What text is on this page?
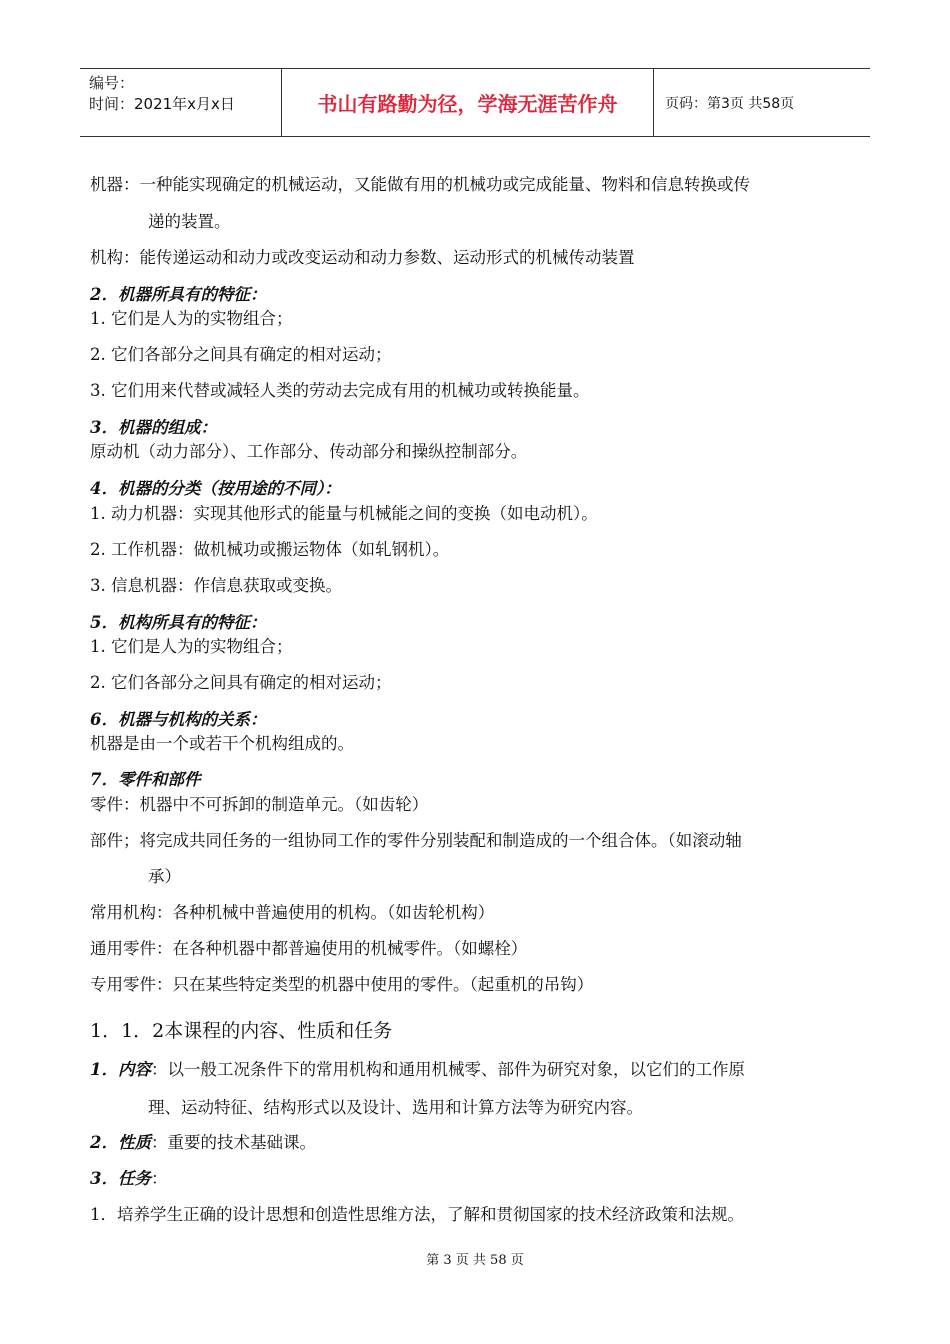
编号：
时间：2021年x月x日	书山有路勤为径，学海无涯苦作舟	页码：第3页 共58页
机器：一种能实现确定的机械运动，又能做有用的机械功或完成能量、物料和信息转换或传
递的装置。
机构：能传递运动和动力或改变运动和动力参数、运动形式的机械传动装置
2．机器所具有的特征：
1. 它们是人为的实物组合；
2. 它们各部分之间具有确定的相对运动；
3. 它们用来代替或减轻人类的劳动去完成有用的机械功或转换能量。
3．机器的组成：
原动机（动力部分）、工作部分、传动部分和操纵控制部分。
4．机器的分类（按用途的不同）：
1. 动力机器：实现其他形式的能量与机械能之间的变换（如电动机）。
2. 工作机器：做机械功或搬运物体（如轧钢机）。
3. 信息机器：作信息获取或变换。
5．机构所具有的特征：
1. 它们是人为的实物组合；
2. 它们各部分之间具有确定的相对运动；
6．机器与机构的关系：
机器是由一个或若干个机构组成的。
7．零件和部件
零件：机器中不可拆卸的制造单元。（如齿轮）
部件；将完成共同任务的一组协同工作的零件分别装配和制造成的一个组合体。（如滚动轴
承）
常用机构：各种机械中普遍使用的机构。（如齿轮机构）
通用零件：在各种机器中都普遍使用的机械零件。（如螺栓）
专用零件：只在某些特定类型的机器中使用的零件。（起重机的吊钩）
1．1．2本课程的内容、性质和任务
1．内容：以一般工况条件下的常用机构和通用机械零、部件为研究对象，以它们的工作原
理、运动特征、结构形式以及设计、选用和计算方法等为研究内容。
2．性质：重要的技术基础课。
3．任务：
1．培养学生正确的设计思想和创造性思维方法，了解和贯彻国家的技术经济政策和法规。
第 3 页 共 58 页
